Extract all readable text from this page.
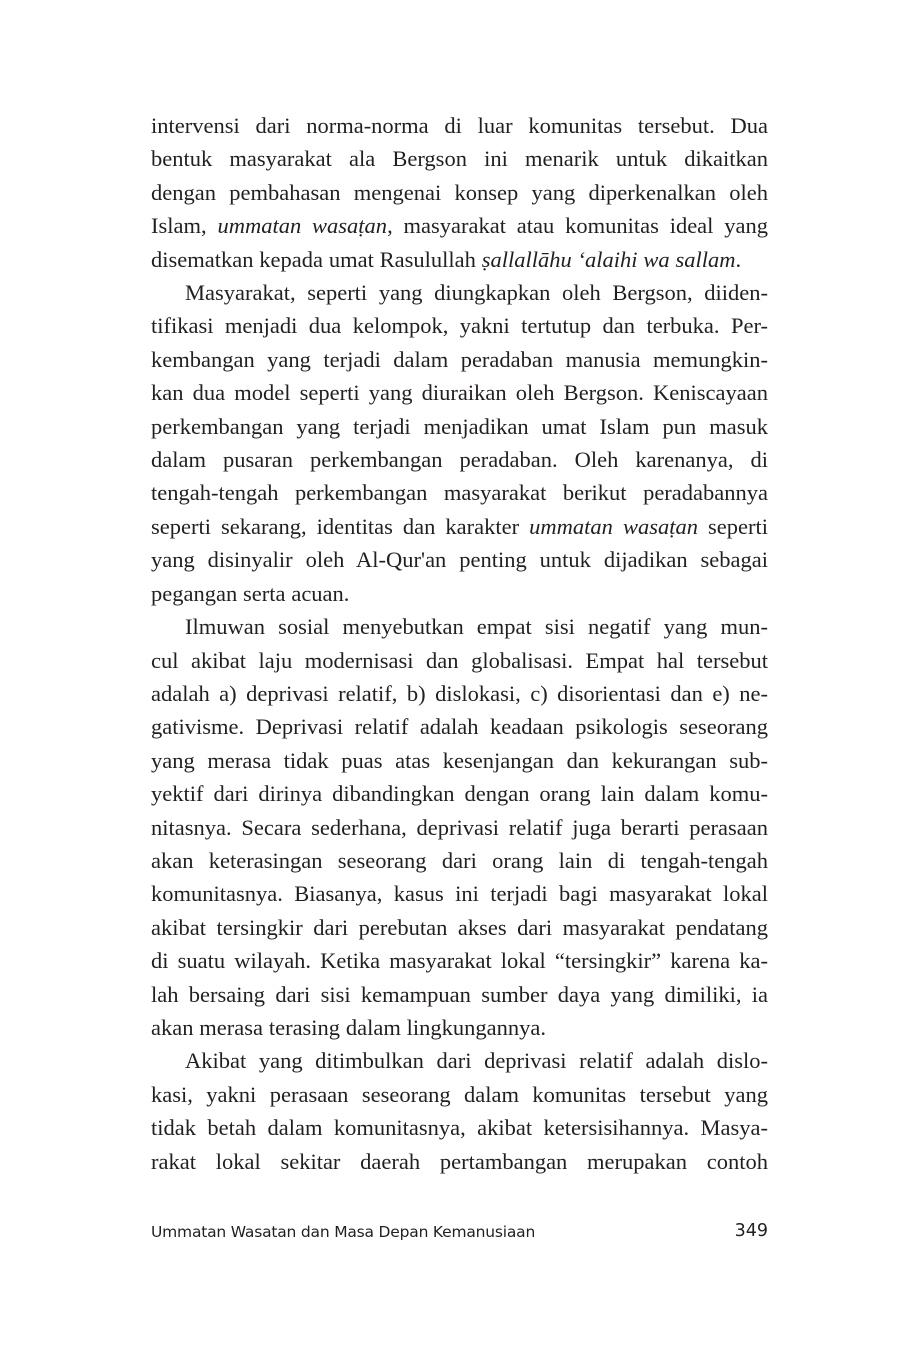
intervensi dari norma-norma di luar komunitas tersebut. Dua
bentuk masyarakat ala Bergson ini menarik untuk dikaitkan
dengan pembahasan mengenai konsep yang diperkenalkan oleh
Islam, ummatan wasaṭan, masyarakat atau komunitas ideal yang
disematkan kepada umat Rasulullah ṣallallāhu ‘alaihi wa sallam.

Masyarakat, seperti yang diungkapkan oleh Bergson, diiden-
tifikasi menjadi dua kelompok, yakni tertutup dan terbuka. Per-
kembangan yang terjadi dalam peradaban manusia memungkin-
kan dua model seperti yang diuraikan oleh Bergson. Keniscayaan
perkembangan yang terjadi menjadikan umat Islam pun masuk
dalam pusaran perkembangan peradaban. Oleh karenanya, di
tengah-tengah perkembangan masyarakat berikut peradabannya
seperti sekarang, identitas dan karakter ummatan wasaṭan seperti
yang disinyalir oleh Al-Qur'an penting untuk dijadikan sebagai
pegangan serta acuan.

Ilmuwan sosial menyebutkan empat sisi negatif yang mun-
cul akibat laju modernisasi dan globalisasi. Empat hal tersebut
adalah a) deprivasi relatif, b) dislokasi, c) disorientasi dan e) ne-
gativisme. Deprivasi relatif adalah keadaan psikologis seseorang
yang merasa tidak puas atas kesenjangan dan kekurangan sub-
yektif dari dirinya dibandingkan dengan orang lain dalam komu-
nitasnya. Secara sederhana, deprivasi relatif juga berarti perasaan
akan keterasingan seseorang dari orang lain di tengah-tengah
komunitasnya. Biasanya, kasus ini terjadi bagi masyarakat lokal
akibat tersingkir dari perebutan akses dari masyarakat pendatang
di suatu wilayah. Ketika masyarakat lokal “tersingkir” karena ka-
lah bersaing dari sisi kemampuan sumber daya yang dimiliki, ia
akan merasa terasing dalam lingkungannya.

Akibat yang ditimbulkan dari deprivasi relatif adalah dislo-
kasi, yakni perasaan seseorang dalam komunitas tersebut yang
tidak betah dalam komunitasnya, akibat ketersisihannya. Masya-
rakat lokal sekitar daerah pertambangan merupakan contoh

Ummatan Wasatan dan Masa Depan Kemanusiaan	349
